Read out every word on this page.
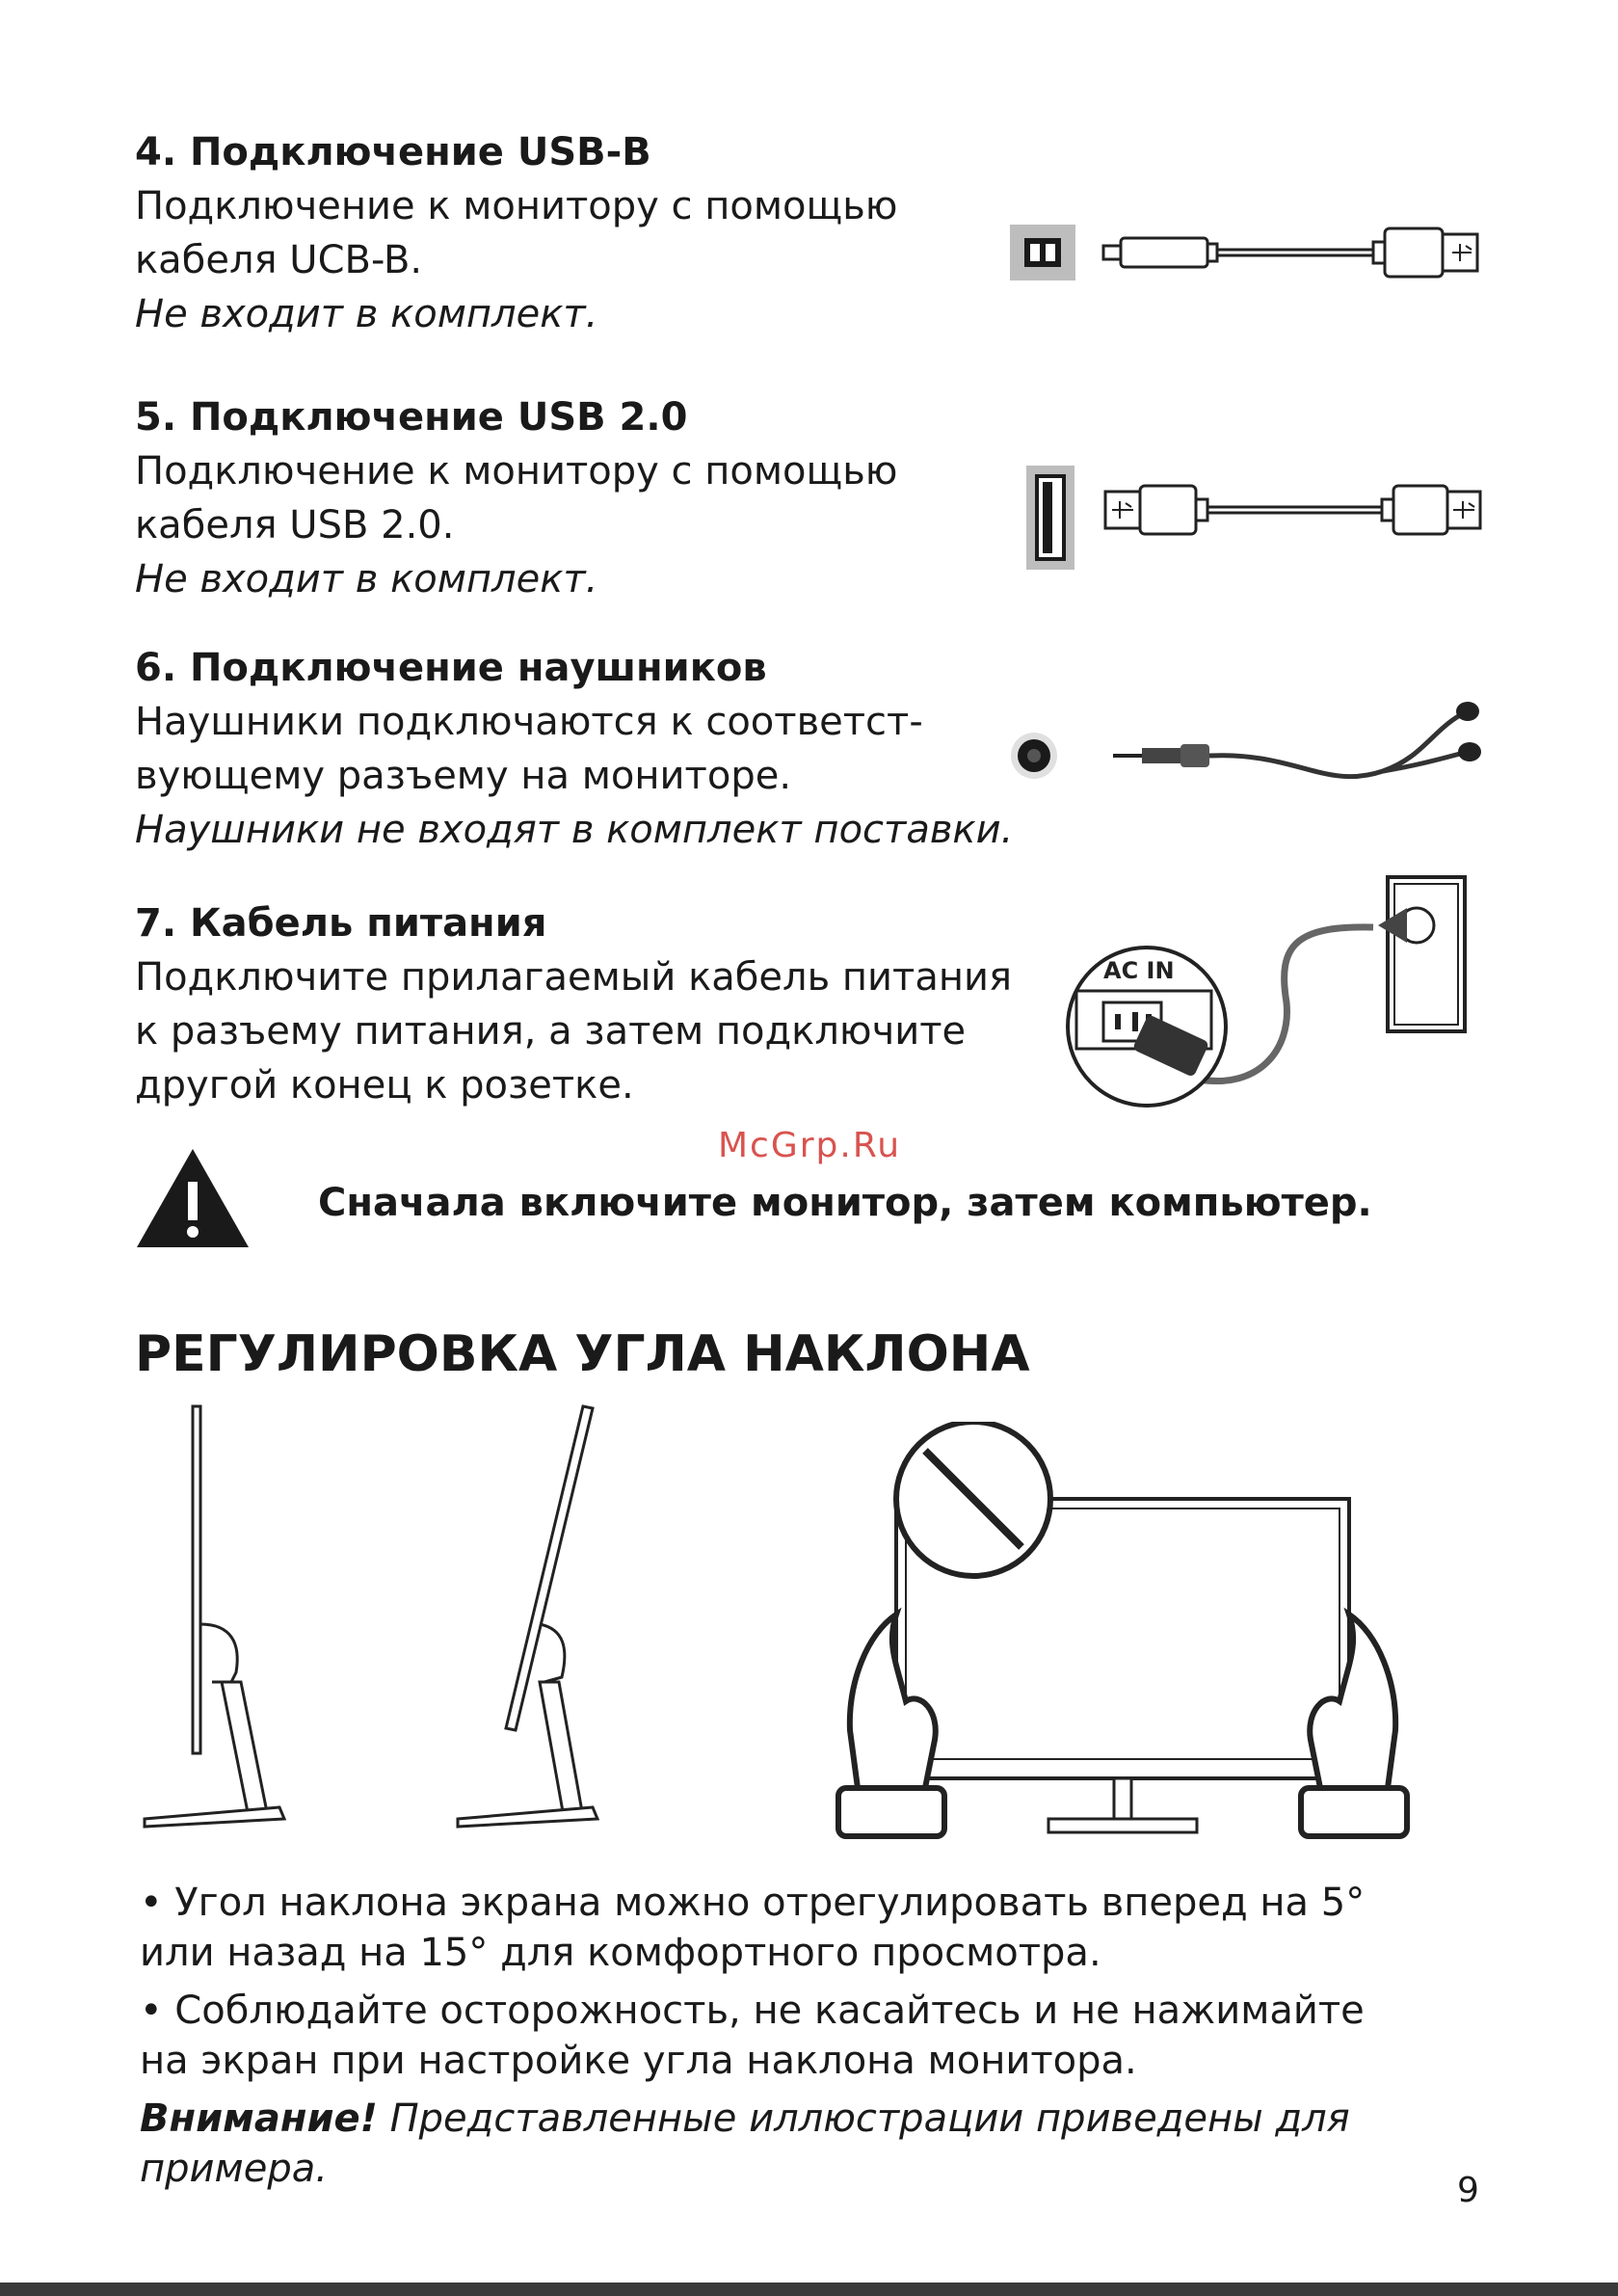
4. Подключение USB-B

Подключение к монитору с помощью

кабеля UCB-B.

Не входит в комплект.

5. Подключение USB 2.0

Подключение к монитору с помощью

кабеля USB 2.0.

Не входит в комплект.

6. Подключение наушников

Наушники подключаются к соответст-

вующему разъему на мониторе.

Наушники не входят в комплект поставки.

7. Кабель питания

Подключите прилагаемый кабель питания

к разъему питания, а затем подключите

другой конец к розетке.

AC IN
McGrp.Ru
Сначала включите монитор, затем компьютер.
РЕГУЛИРОВКА УГЛА НАКЛОНА

• Угол наклона экрана можно отрегулировать вперед на 5°
или назад на 15° для комфортного просмотра.

• Соблюдайте осторожность, не касайтесь и не нажимайте
на экран при настройке угла наклона монитора.

Внимание! Представленные иллюстрации приведены для примера.	9
